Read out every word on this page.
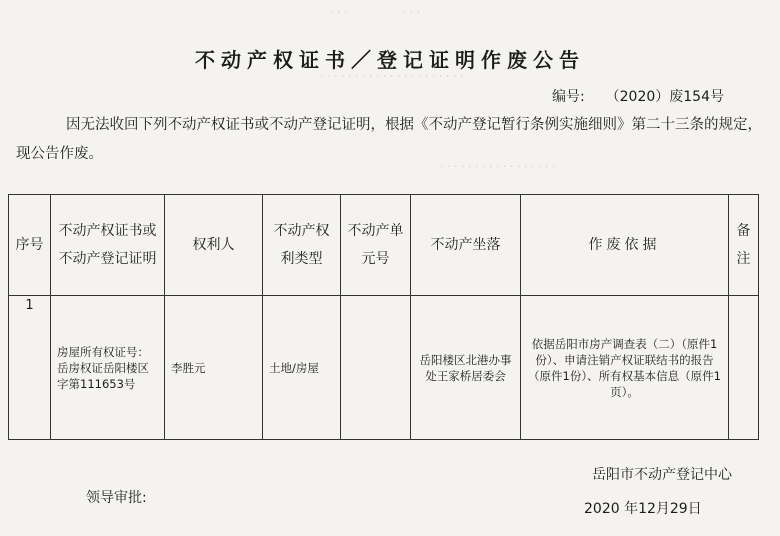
· · ·　　　　　· · ·
· · · · · · · · · · · · · · · · · · · · ·
· · · · · · · · · · · · · · · · ·
不动产权证书／登记证明作废公告
编号: （2020）废154号
因无法收回下列不动产权证书或不动产登记证明，根据《不动产登记暂行条例实施细则》第二十三条的规定，现公告作废。
序号	不动产权证书或不动产登记证明	权利人	不动产权利类型	不动产单元号	不动产坐落	作废依据	备注
1	房屋所有权证号：岳房权证岳阳楼区字第111653号	李胜元	土地/房屋		岳阳楼区北港办事处王家桥居委会	依据岳阳市房产调查表（二）（原件1份）、申请注销产权证联结书的报告（原件1份）、所有权基本信息（原件1页）。	
岳阳市不动产登记中心
领导审批:
2020 年12月29日
